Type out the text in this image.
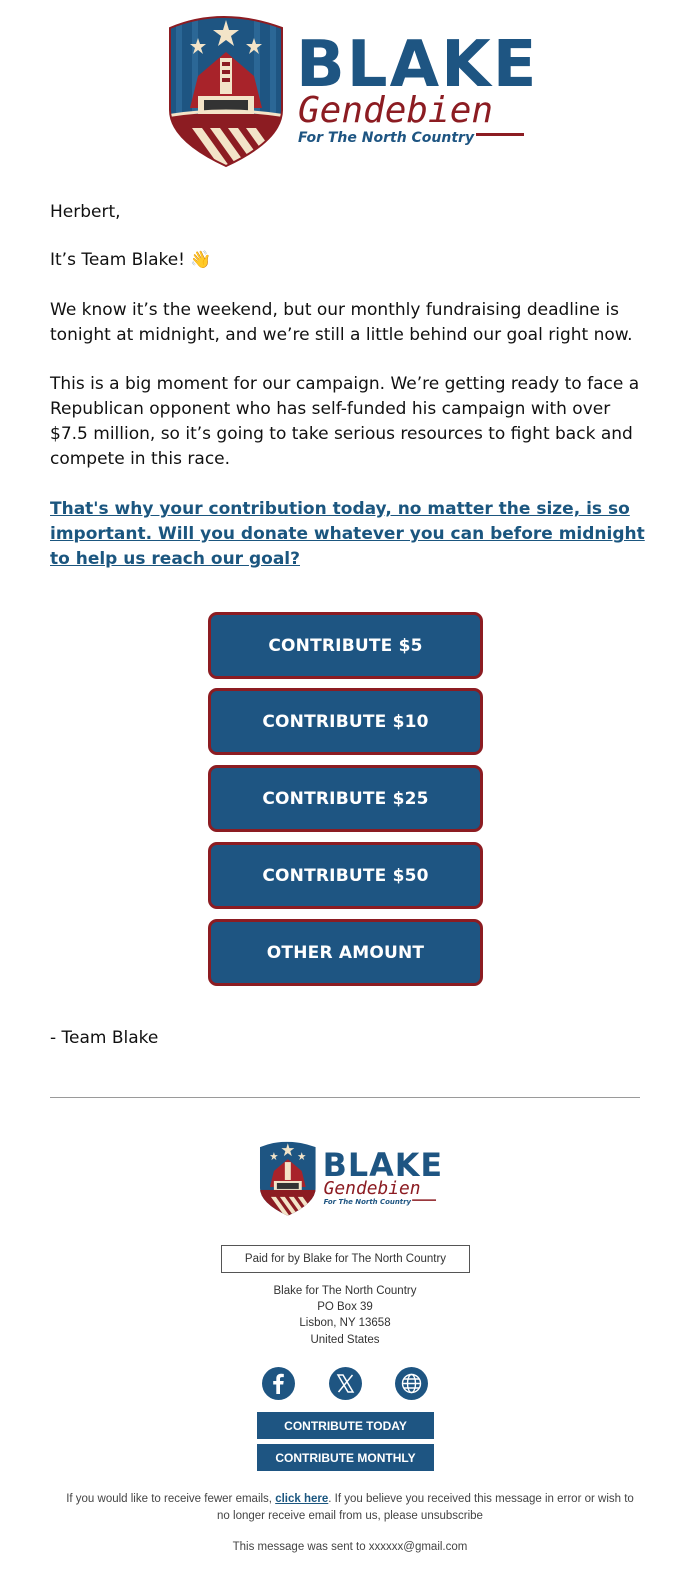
BLAKE
Gendebien
For The North Country
Herbert,
It’s Team Blake! 👋
We know it’s the weekend, but our monthly fundraising deadline is tonight at midnight, and we’re still a little behind our goal right now.
This is a big moment for our campaign. We’re getting ready to face a Republican opponent who has self-funded his campaign with over $7.5 million, so it’s going to take serious resources to fight back and compete in this race.
That's why your contribution today, no matter the size, is so important. Will you donate whatever you can before midnight to help us reach our goal?
CONTRIBUTE $5
CONTRIBUTE $10
CONTRIBUTE $25
CONTRIBUTE $50
OTHER AMOUNT
- Team Blake
BLAKE
Gendebien
For The North Country
Paid for by Blake for The North Country
Blake for The North Country
PO Box 39
Lisbon, NY 13658
United States
CONTRIBUTE TODAY
CONTRIBUTE MONTHLY
If you would like to receive fewer emails, click here. If you believe you received this message in error or wish to no longer receive email from us, please unsubscribe
This message was sent to xxxxxx@gmail.com
